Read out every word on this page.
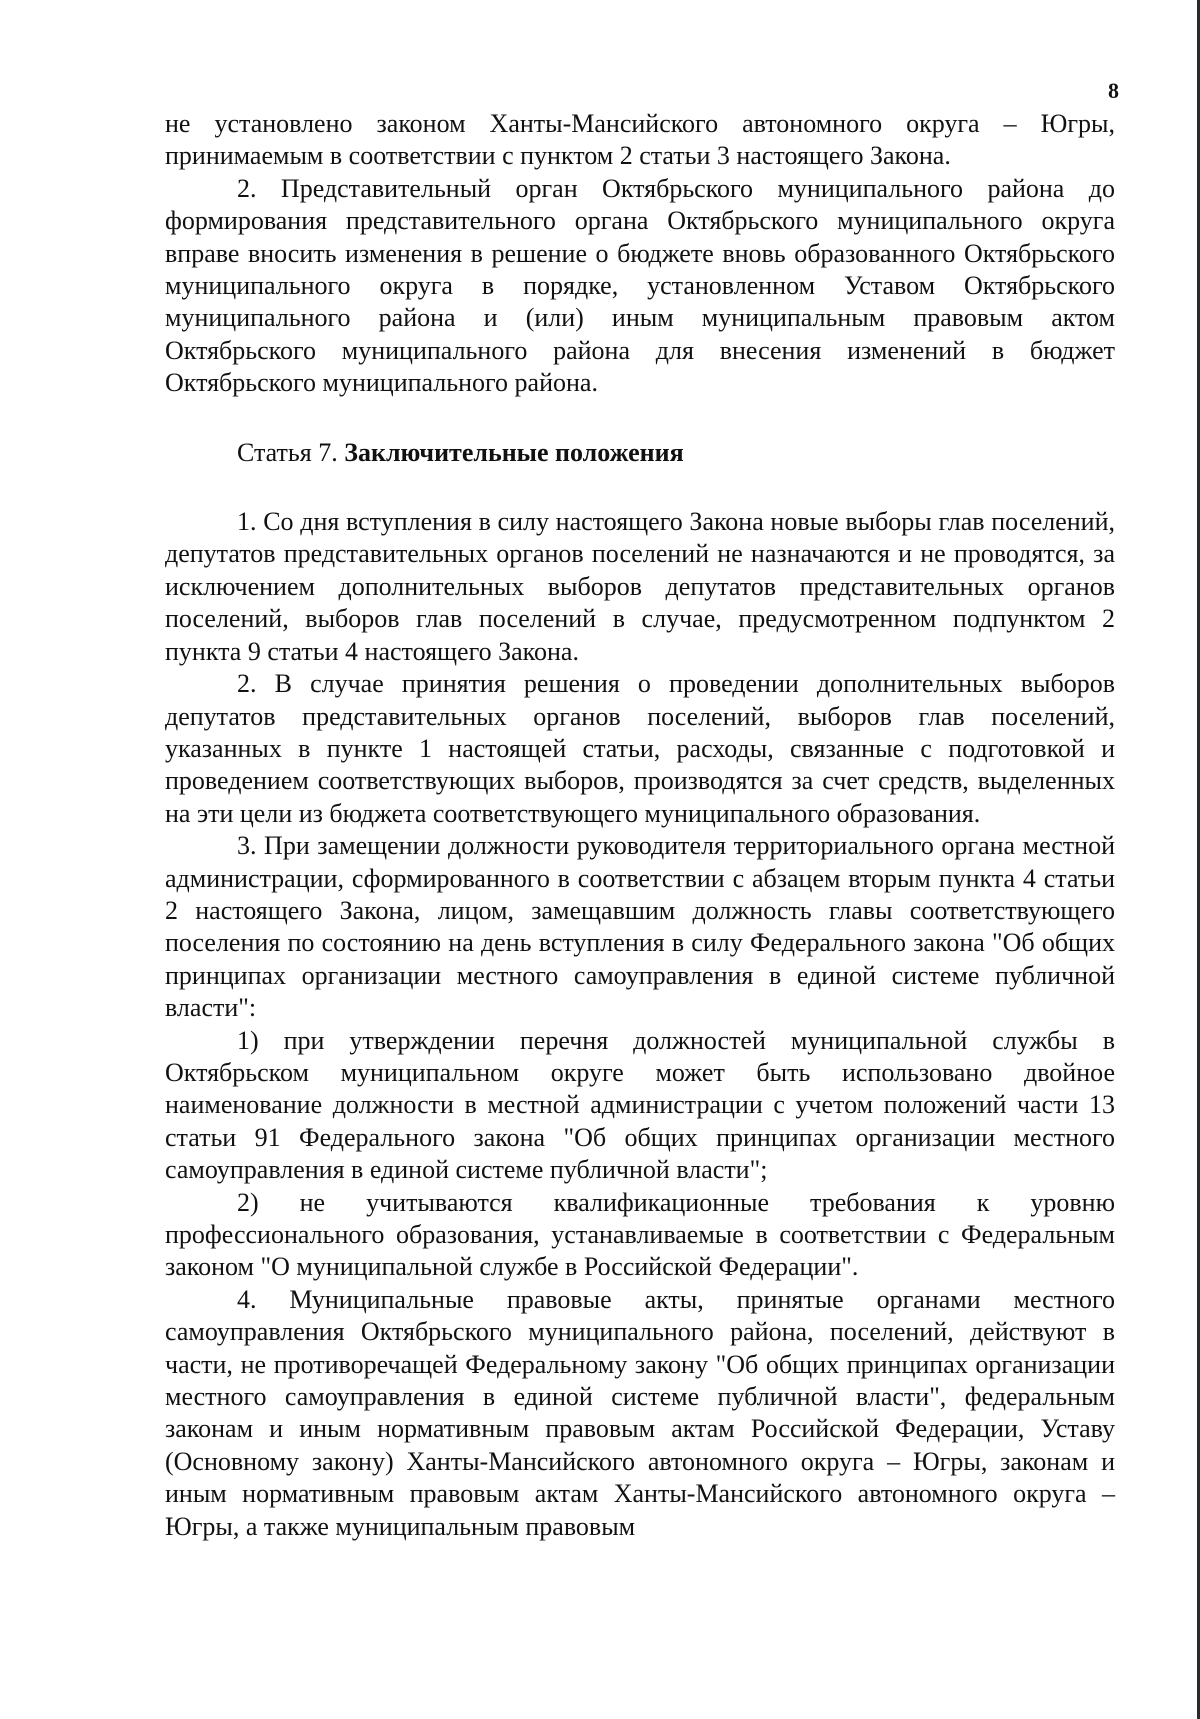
8

не установлено законом Ханты-Мансийского автономного округа – Югры, принимаемым в соответствии с пунктом 2 статьи 3 настоящего Закона.

2. Представительный орган Октябрьского муниципального района до формирования представительного органа Октябрьского муниципального округа вправе вносить изменения в решение о бюджете вновь образованного Октябрьского муниципального округа в порядке, установленном Уставом Октябрьского муниципального района и (или) иным муниципальным правовым актом Октябрьского муниципального района для внесения изменений в бюджет Октябрьского муниципального района.

Статья 7. Заключительные положения

1. Со дня вступления в силу настоящего Закона новые выборы глав поселений, депутатов представительных органов поселений не назначаются и не проводятся, за исключением дополнительных выборов депутатов представительных органов поселений, выборов глав поселений в случае, предусмотренном подпунктом 2 пункта 9 статьи 4 настоящего Закона.

2. В случае принятия решения о проведении дополнительных выборов депутатов представительных органов поселений, выборов глав поселений, указанных в пункте 1 настоящей статьи, расходы, связанные с подготовкой и проведением соответствующих выборов, производятся за счет средств, выделенных на эти цели из бюджета соответствующего муниципального образования.

3. При замещении должности руководителя территориального органа местной администрации, сформированного в соответствии с абзацем вторым пункта 4 статьи 2 настоящего Закона, лицом, замещавшим должность главы соответствующего поселения по состоянию на день вступления в силу Федерального закона "Об общих принципах организации местного самоуправления в единой системе публичной власти":

1) при утверждении перечня должностей муниципальной службы в Октябрьском муниципальном округе может быть использовано двойное наименование должности в местной администрации с учетом положений части 13 статьи 91 Федерального закона "Об общих принципах организации местного самоуправления в единой системе публичной власти";

2) не учитываются квалификационные требования к уровню профессионального образования, устанавливаемые в соответствии с Федеральным законом "О муниципальной службе в Российской Федерации".

4. Муниципальные правовые акты, принятые органами местного самоуправления Октябрьского муниципального района, поселений, действуют в части, не противоречащей Федеральному закону "Об общих принципах организации местного самоуправления в единой системе публичной власти", федеральным законам и иным нормативным правовым актам Российской Федерации, Уставу (Основному закону) Ханты-Мансийского автономного округа – Югры, законам и иным нормативным правовым актам Ханты-Мансийского автономного округа – Югры, а также муниципальным правовым
